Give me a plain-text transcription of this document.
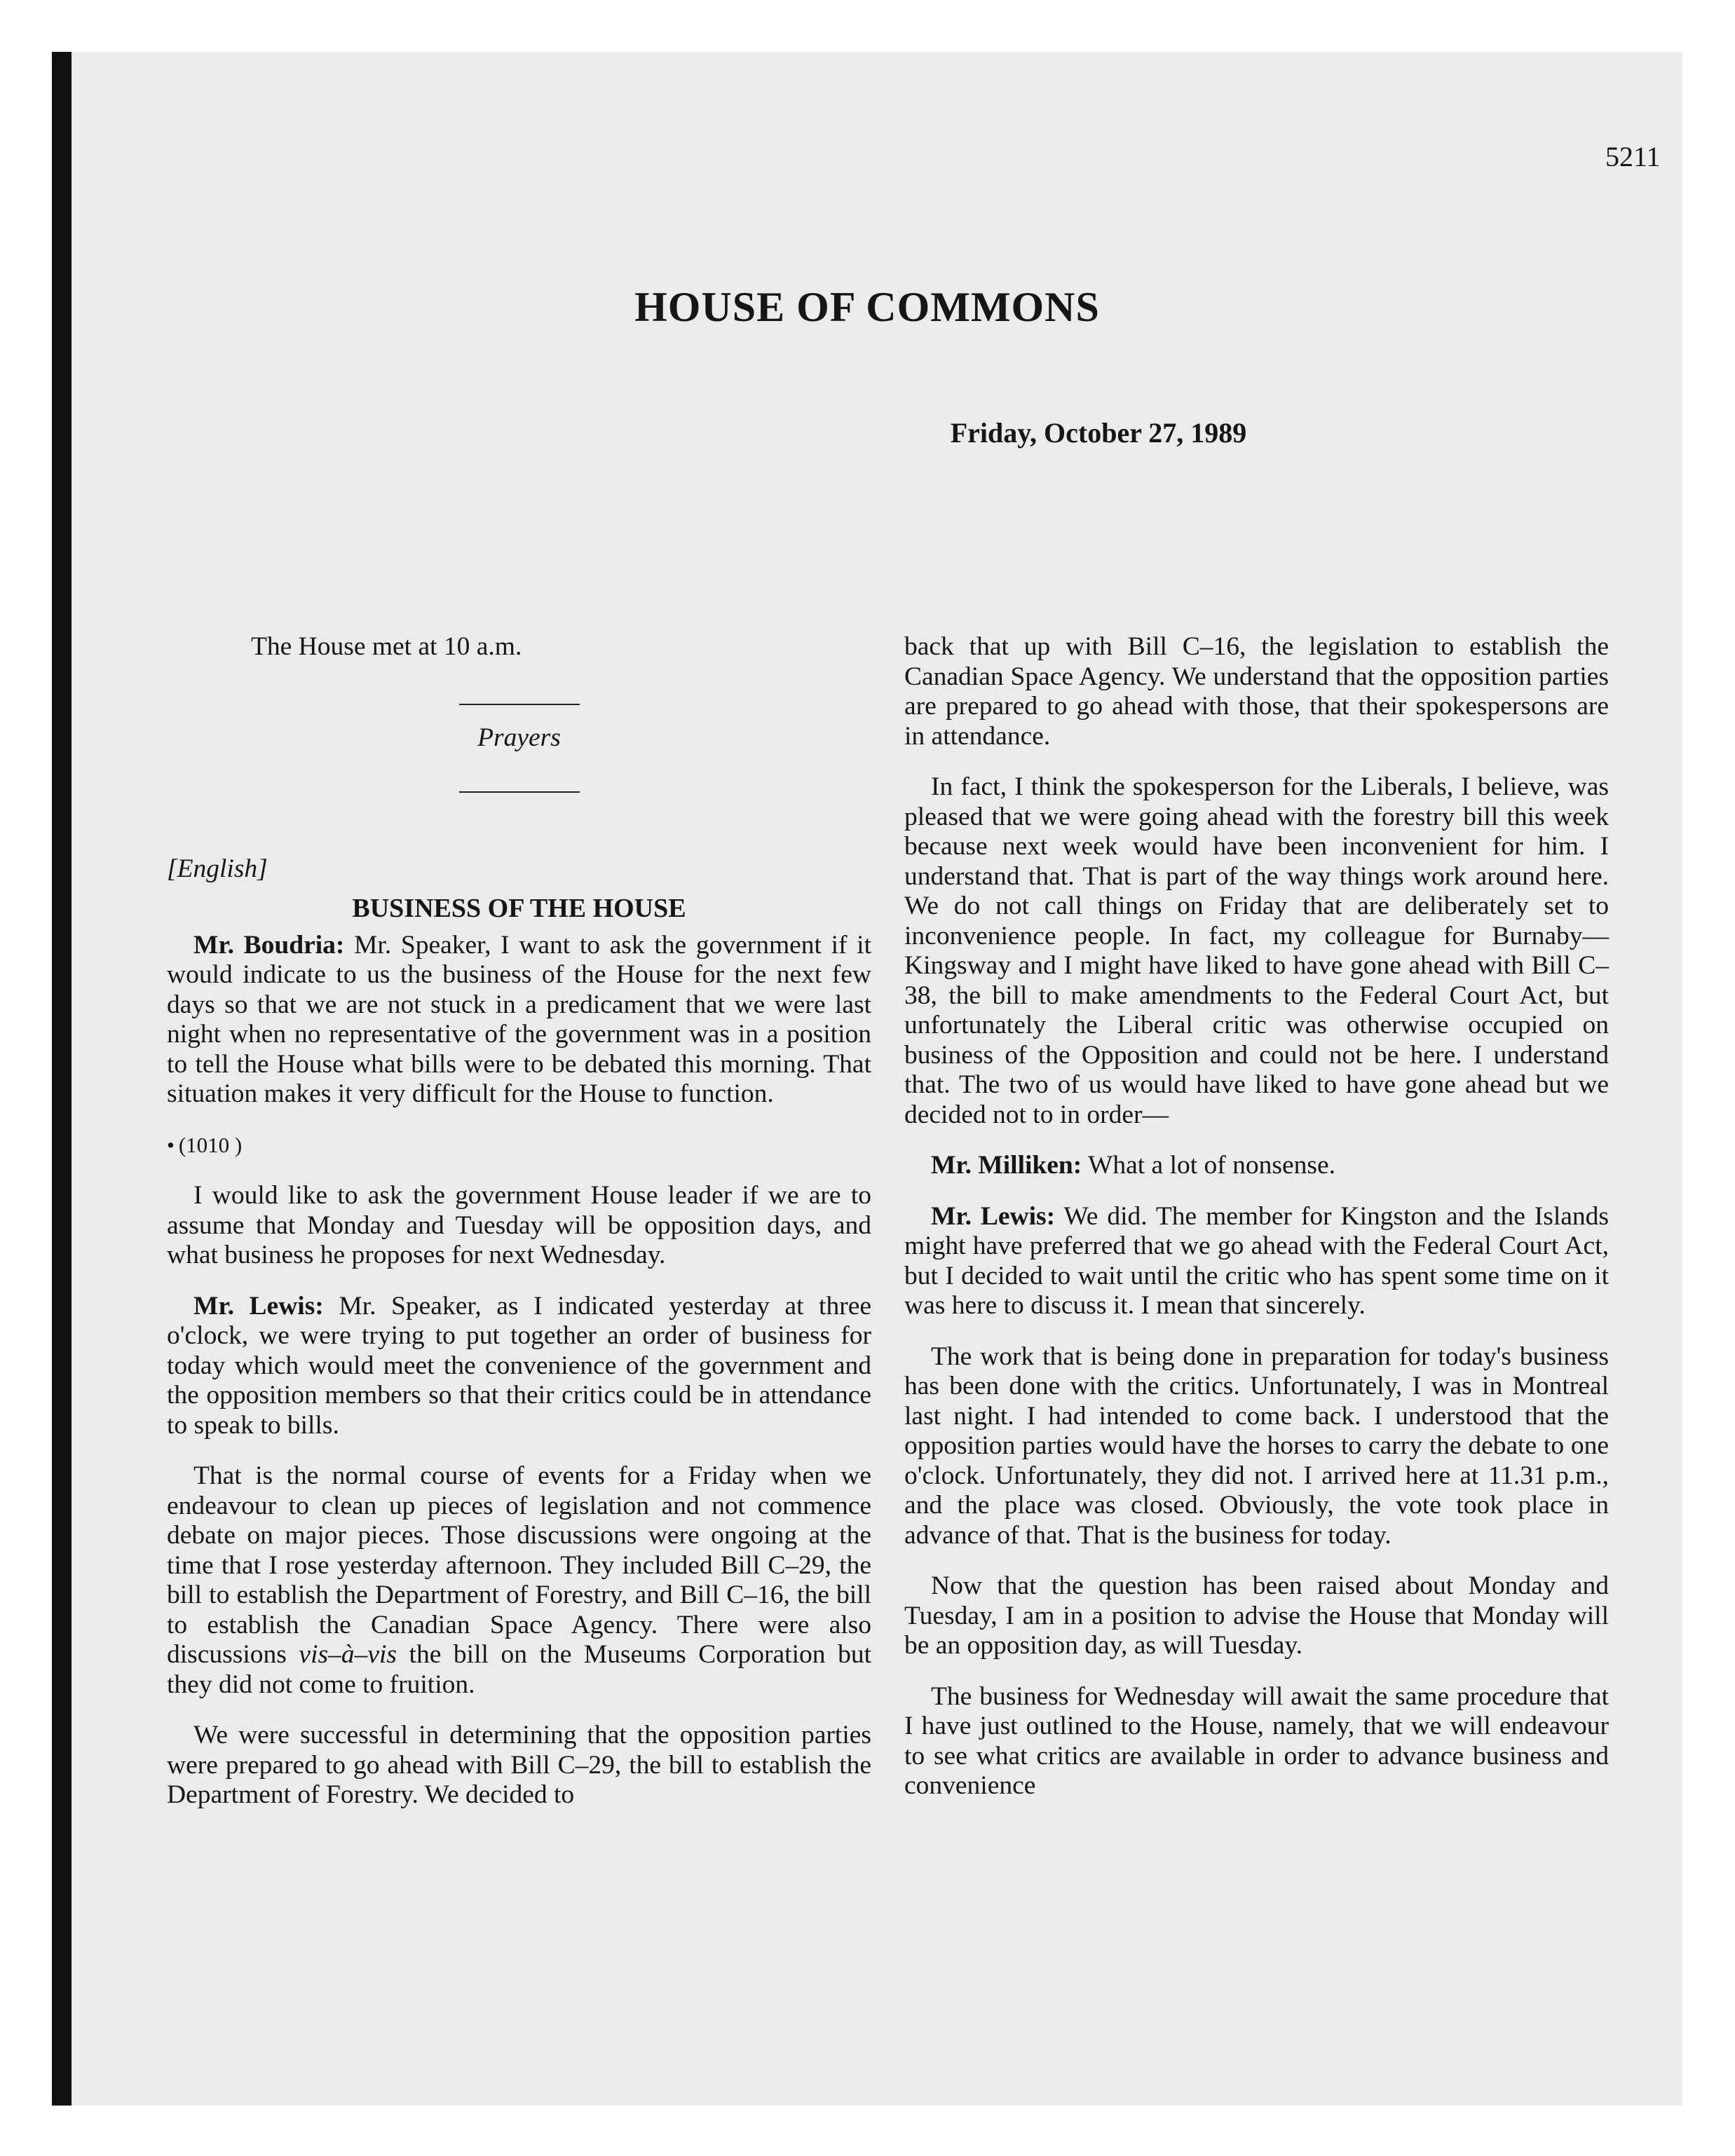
5211
HOUSE OF COMMONS
Friday, October 27, 1989
The House met at 10 a.m.
Prayers
[English]
BUSINESS OF THE HOUSE

Mr. Boudria: Mr. Speaker, I want to ask the government if it would indicate to us the business of the House for the next few days so that we are not stuck in a predicament that we were last night when no representative of the government was in a position to tell the House what bills were to be debated this morning. That situation makes it very difficult for the House to function.

• (1010 )

I would like to ask the government House leader if we are to assume that Monday and Tuesday will be opposition days, and what business he proposes for next Wednesday.

Mr. Lewis: Mr. Speaker, as I indicated yesterday at three o'clock, we were trying to put together an order of business for today which would meet the convenience of the government and the opposition members so that their critics could be in attendance to speak to bills.

That is the normal course of events for a Friday when we endeavour to clean up pieces of legislation and not commence debate on major pieces. Those discussions were ongoing at the time that I rose yesterday afternoon. They included Bill C–29, the bill to establish the Department of Forestry, and Bill C–16, the bill to establish the Canadian Space Agency. There were also discussions vis–à–vis the bill on the Museums Corporation but they did not come to fruition.

We were successful in determining that the opposition parties were prepared to go ahead with Bill C–29, the bill to establish the Department of Forestry. We decided to

back that up with Bill C–16, the legislation to establish the Canadian Space Agency. We understand that the opposition parties are prepared to go ahead with those, that their spokespersons are in attendance.

In fact, I think the spokesperson for the Liberals, I believe, was pleased that we were going ahead with the forestry bill this week because next week would have been inconvenient for him. I understand that. That is part of the way things work around here. We do not call things on Friday that are deliberately set to inconvenience people. In fact, my colleague for Burnaby—Kingsway and I might have liked to have gone ahead with Bill C–38, the bill to make amendments to the Federal Court Act, but unfortunately the Liberal critic was otherwise occupied on business of the Opposition and could not be here. I understand that. The two of us would have liked to have gone ahead but we decided not to in order—

Mr. Milliken: What a lot of nonsense.

Mr. Lewis: We did. The member for Kingston and the Islands might have preferred that we go ahead with the Federal Court Act, but I decided to wait until the critic who has spent some time on it was here to discuss it. I mean that sincerely.

The work that is being done in preparation for today's business has been done with the critics. Unfortunately, I was in Montreal last night. I had intended to come back. I understood that the opposition parties would have the horses to carry the debate to one o'clock. Unfortunately, they did not. I arrived here at 11.31 p.m., and the place was closed. Obviously, the vote took place in advance of that. That is the business for today.

Now that the question has been raised about Monday and Tuesday, I am in a position to advise the House that Monday will be an opposition day, as will Tuesday.

The business for Wednesday will await the same procedure that I have just outlined to the House, namely, that we will endeavour to see what critics are available in order to advance business and convenience
